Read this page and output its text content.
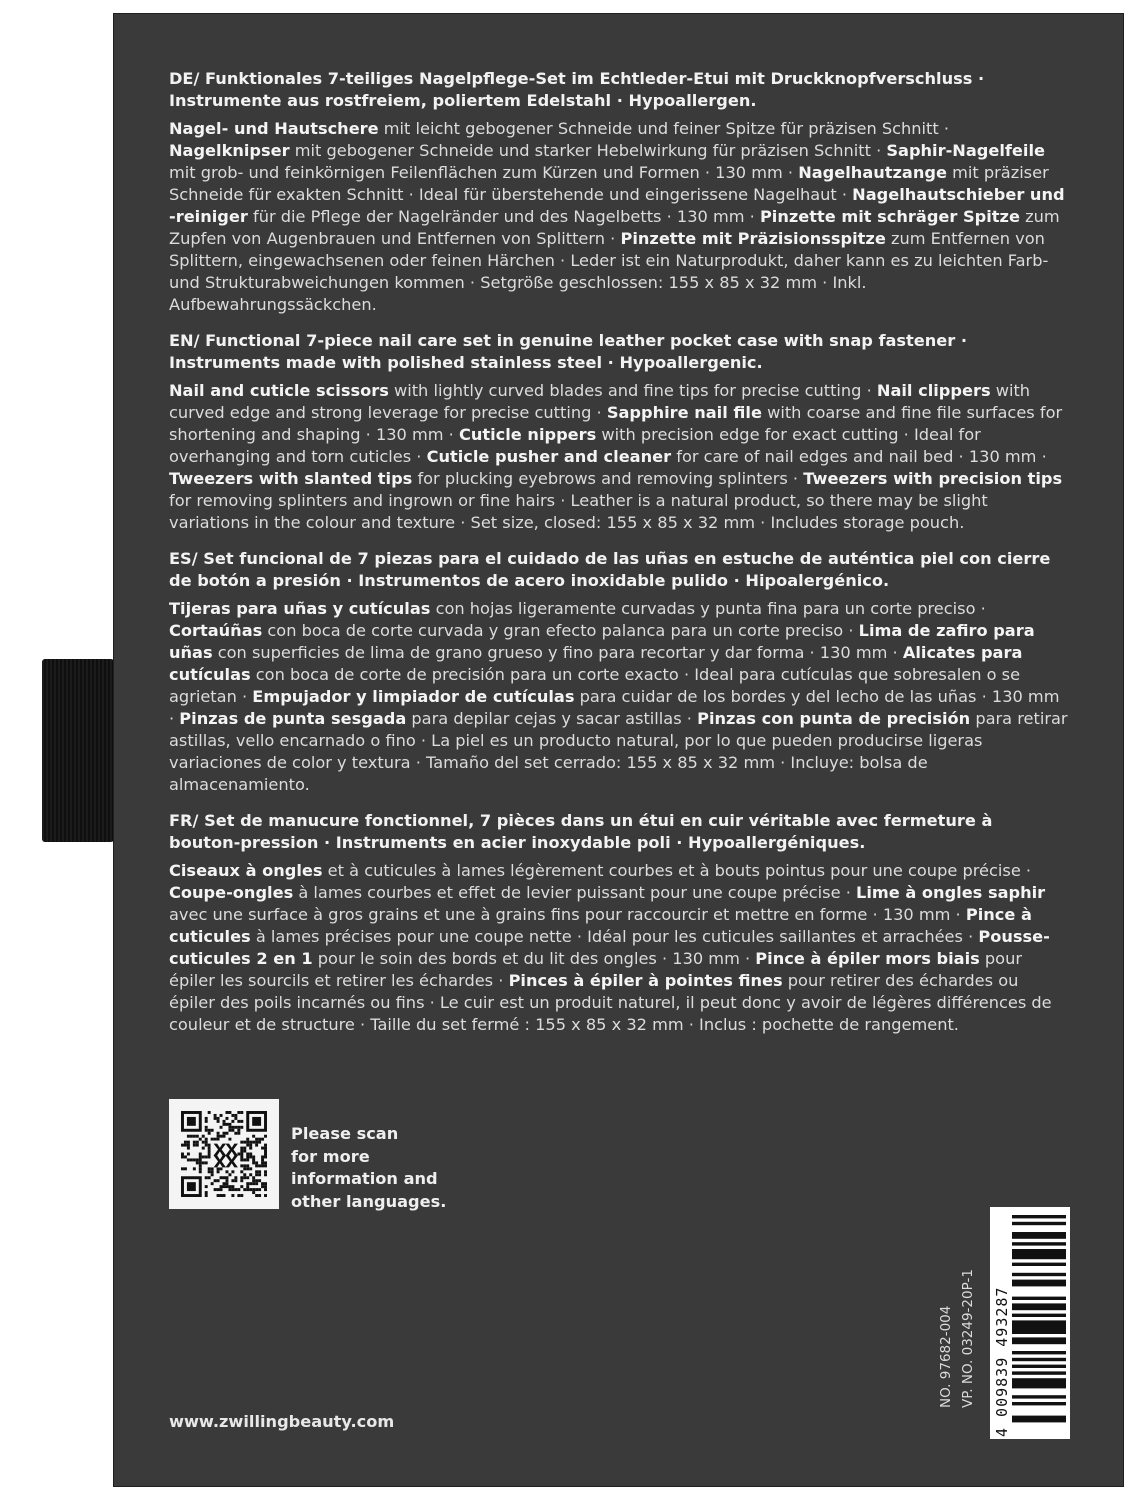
DE/ Funktionales 7-teiliges Nagelpflege-Set im Echtleder-Etui mit Druckknopfverschluss · Instrumente aus rostfreiem, poliertem Edelstahl · Hypoallergen.

Nagel- und Hautschere mit leicht gebogener Schneide und feiner Spitze für präzisen Schnitt · Nagelknipser mit gebogener Schneide und starker Hebelwirkung für präzisen Schnitt · Saphir-Nagelfeile mit grob- und feinkörnigen Feilenflächen zum Kürzen und Formen · 130 mm · Nagelhautzange mit präziser Schneide für exakten Schnitt · Ideal für überstehende und eingerissene Nagelhaut · Nagelhautschieber und -reiniger für die Pflege der Nagelränder und des Nagelbetts · 130 mm · Pinzette mit schräger Spitze zum Zupfen von Augenbrauen und Entfernen von Splittern · Pinzette mit Präzisionsspitze zum Entfernen von Splittern, eingewachsenen oder feinen Härchen · Leder ist ein Naturprodukt, daher kann es zu leichten Farb- und Strukturabweichungen kommen · Setgröße geschlossen: 155 x 85 x 32 mm · Inkl. Aufbewahrungssäckchen.

EN/ Functional 7-piece nail care set in genuine leather pocket case with snap fastener · Instruments made with polished stainless steel · Hypoallergenic.

Nail and cuticle scissors with lightly curved blades and fine tips for precise cutting · Nail clippers with curved edge and strong leverage for precise cutting · Sapphire nail file with coarse and fine file surfaces for shortening and shaping · 130 mm · Cuticle nippers with precision edge for exact cutting · Ideal for overhanging and torn cuticles · Cuticle pusher and cleaner for care of nail edges and nail bed · 130 mm · Tweezers with slanted tips for plucking eyebrows and removing splinters · Tweezers with precision tips for removing splinters and ingrown or fine hairs · Leather is a natural product, so there may be slight variations in the colour and texture · Set size, closed: 155 x 85 x 32 mm · Includes storage pouch.

ES/ Set funcional de 7 piezas para el cuidado de las uñas en estuche de auténtica piel con cierre de botón a presión · Instrumentos de acero inoxidable pulido · Hipoalergénico.

Tijeras para uñas y cutículas con hojas ligeramente curvadas y punta fina para un corte preciso · Cortaúñas con boca de corte curvada y gran efecto palanca para un corte preciso · Lima de zafiro para uñas con superficies de lima de grano grueso y fino para recortar y dar forma · 130 mm · Alicates para cutículas con boca de corte de precisión para un corte exacto · Ideal para cutículas que sobresalen o se agrietan · Empujador y limpiador de cutículas para cuidar de los bordes y del lecho de las uñas · 130 mm · Pinzas de punta sesgada para depilar cejas y sacar astillas · Pinzas con punta de precisión para retirar astillas, vello encarnado o fino · La piel es un producto natural, por lo que pueden producirse ligeras variaciones de color y textura · Tamaño del set cerrado: 155 x 85 x 32 mm · Incluye: bolsa de almacenamiento.

FR/ Set de manucure fonctionnel, 7 pièces dans un étui en cuir véritable avec fermeture à bouton-pression · Instruments en acier inoxydable poli · Hypoallergéniques.

Ciseaux à ongles et à cuticules à lames légèrement courbes et à bouts pointus pour une coupe précise · Coupe-ongles à lames courbes et effet de levier puissant pour une coupe précise · Lime à ongles saphir avec une surface à gros grains et une à grains fins pour raccourcir et mettre en forme · 130 mm · Pince à cuticules à lames précises pour une coupe nette · Idéal pour les cuticules saillantes et arrachées · Pousse-cuticules 2 en 1 pour le soin des bords et du lit des ongles · 130 mm · Pince à épiler mors biais pour épiler les sourcils et retirer les échardes · Pinces à épiler à pointes fines pour retirer des échardes ou épiler des poils incarnés ou fins · Le cuir est un produit naturel, il peut donc y avoir de légères différences de couleur et de structure · Taille du set fermé : 155 x 85 x 32 mm · Inclus : pochette de rangement.

Please scan
for more
information and
other languages.
www.zwillingbeauty.com
NO. 97682-004 VP. NO. 03249-20P-1 4 009839 493287
